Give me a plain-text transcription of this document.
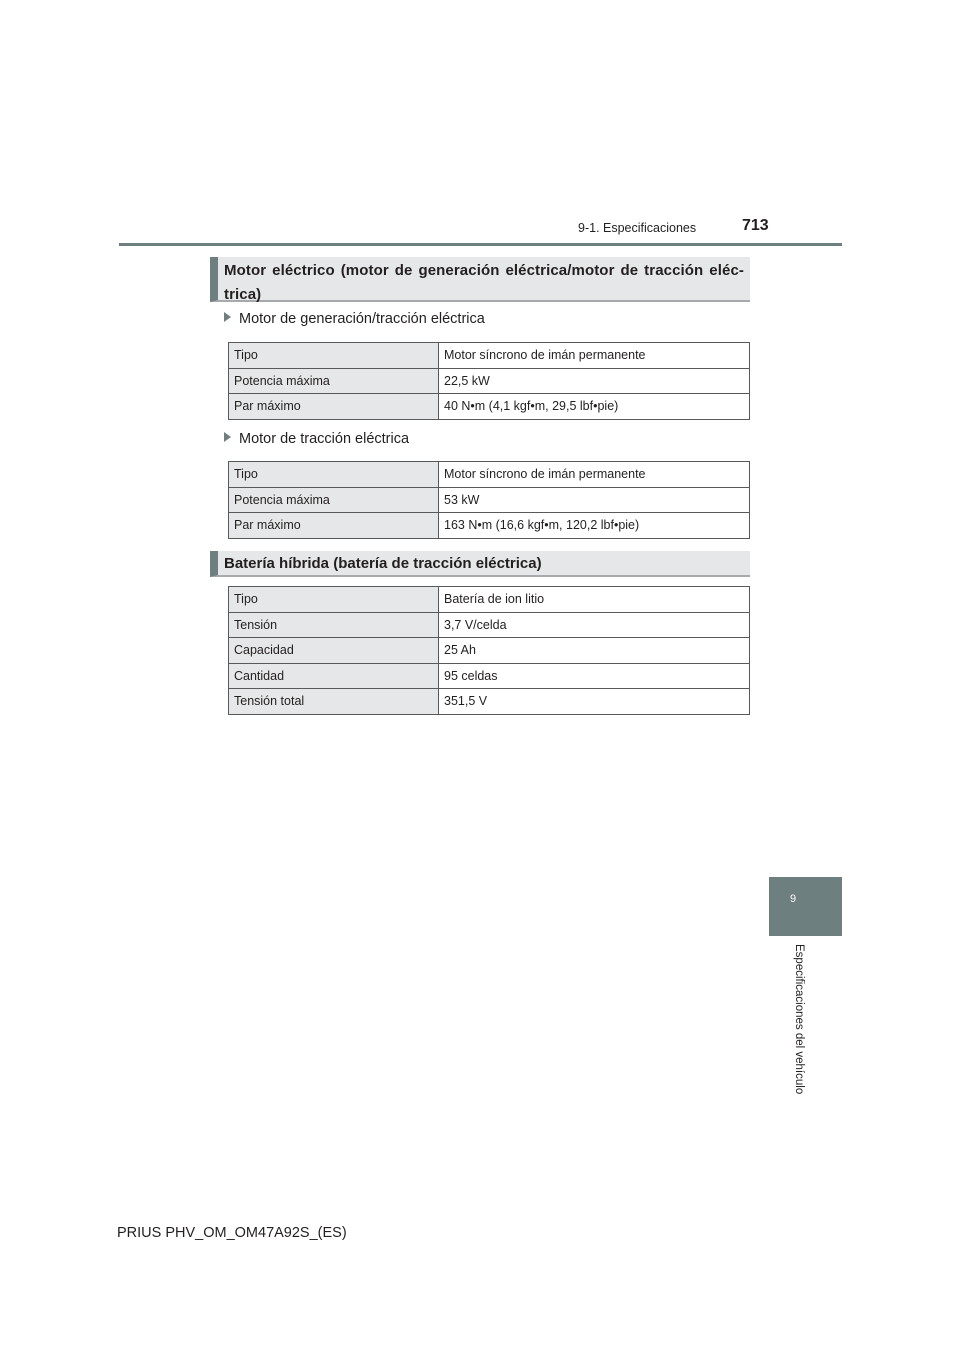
9-1. Especificaciones	713
Motor eléctrico (motor de generación eléctrica/motor de tracción eléc-trica)
Motor de generación/tracción eléctrica
Tipo	Motor síncrono de imán permanente
Potencia máxima	22,5 kW
Par máximo	40 N•m (4,1 kgf•m, 29,5 lbf•pie)
Motor de tracción eléctrica
Tipo	Motor síncrono de imán permanente
Potencia máxima	53 kW
Par máximo	163 N•m (16,6 kgf•m, 120,2 lbf•pie)
Batería híbrida (batería de tracción eléctrica)
Tipo	Batería de ion litio
Tensión	3,7 V/celda
Capacidad	25 Ah
Cantidad	95 celdas
Tensión total	351,5 V
9
Especificaciones del vehículo
PRIUS PHV_OM_OM47A92S_(ES)
